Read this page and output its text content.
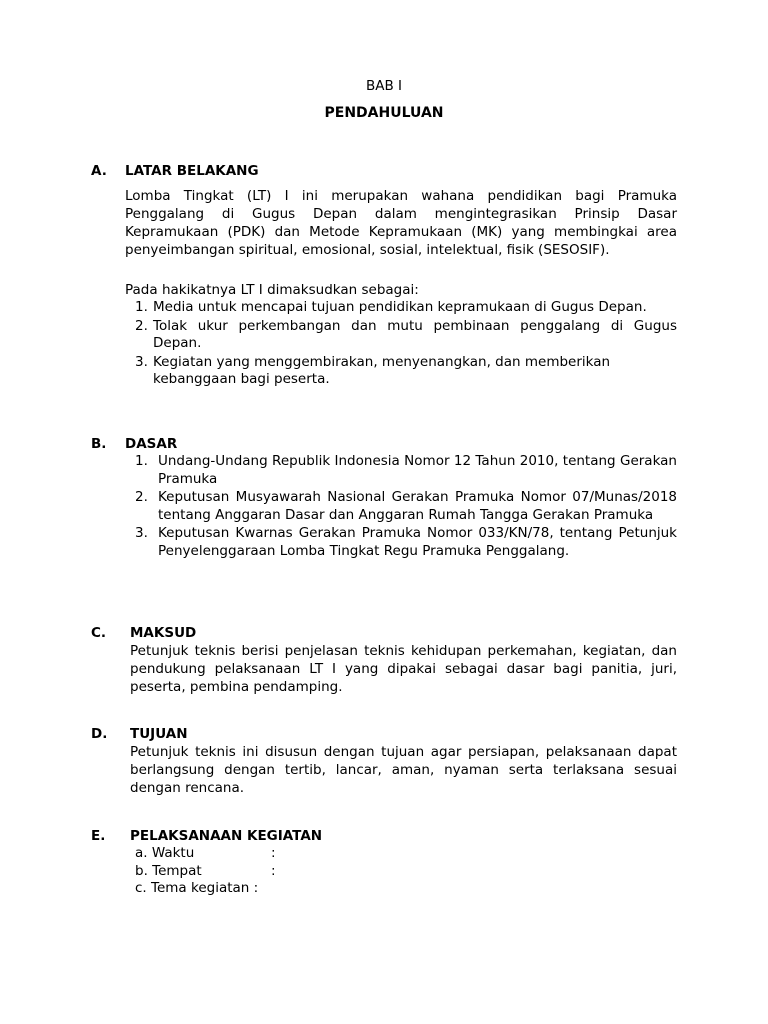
BAB I
PENDAHULUAN
A. LATAR BELAKANG
Lomba Tingkat (LT) I ini merupakan wahana pendidikan bagi Pramuka Penggalang di Gugus Depan dalam mengintegrasikan Prinsip Dasar Kepramukaan (PDK) dan Metode Kepramukaan (MK) yang membingkai area penyeimbangan spiritual, emosional, sosial, intelektual, fisik (SESOSIF).
Pada hakikatnya LT I dimaksudkan sebagai:
1. Media untuk mencapai tujuan pendidikan kepramukaan di Gugus Depan.
2. Tolak ukur perkembangan dan mutu pembinaan penggalang di Gugus Depan.
3. Kegiatan yang menggembirakan, menyenangkan, dan memberikan kebanggaan bagi peserta.
B. DASAR
1. Undang-Undang Republik Indonesia Nomor 12 Tahun 2010, tentang Gerakan Pramuka
2. Keputusan Musyawarah Nasional Gerakan Pramuka Nomor 07/Munas/2018 tentang Anggaran Dasar dan Anggaran Rumah Tangga Gerakan Pramuka
3. Keputusan Kwarnas Gerakan Pramuka Nomor 033/KN/78, tentang Petunjuk Penyelenggaraan Lomba Tingkat Regu Pramuka Penggalang.
C. MAKSUD
Petunjuk teknis berisi penjelasan teknis kehidupan perkemahan, kegiatan, dan pendukung pelaksanaan LT I yang dipakai sebagai dasar bagi panitia, juri, peserta, pembina pendamping.
D. TUJUAN
Petunjuk teknis ini disusun dengan tujuan agar persiapan, pelaksanaan dapat berlangsung dengan tertib, lancar, aman, nyaman serta terlaksana sesuai dengan rencana.
E. PELAKSANAAN KEGIATAN
a. Waktu	:
b. Tempat	:
c. Tema kegiatan :
